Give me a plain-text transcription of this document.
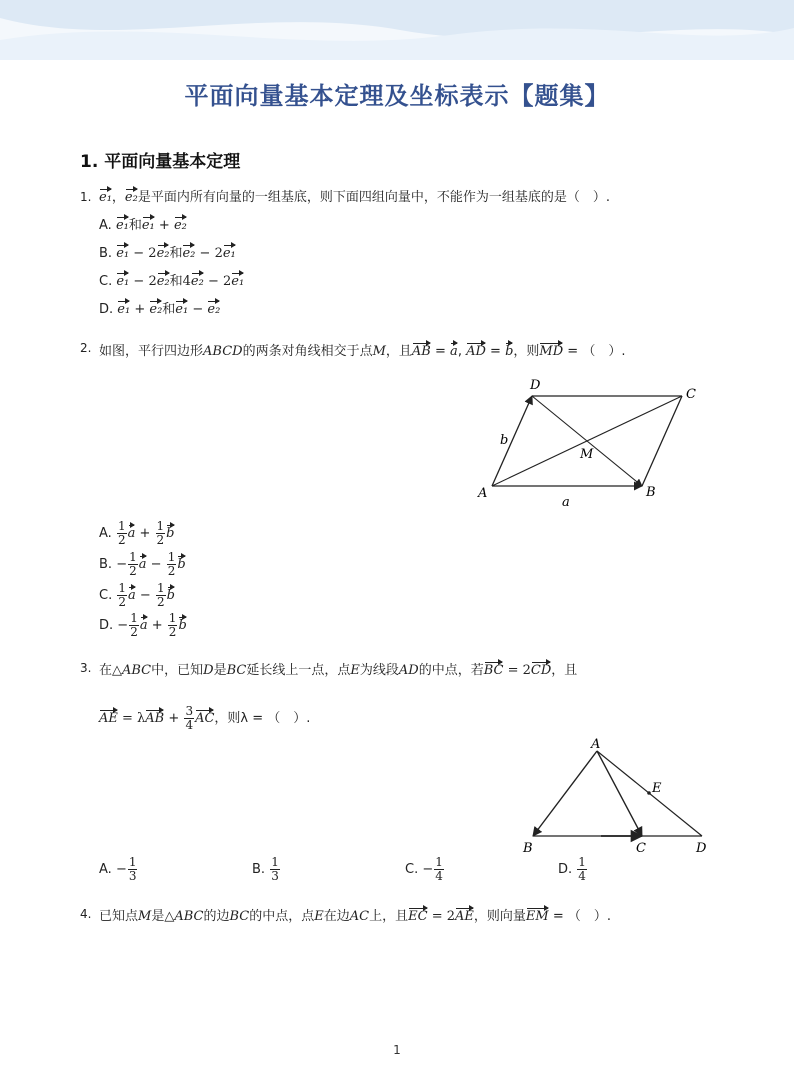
平面向量基本定理及坐标表示【题集】
1. 平面向量基本定理
1. e₁，e₂是平面内所有向量的一组基底，则下面四组向量中，不能作为一组基底的是（　）.
A. e₁和e₁ + e₂
B. e₁ − 2e₂和e₂ − 2e₁
C. e₁ − 2e₂和4e₂ − 2e₁
D. e₁ + e₂和e₁ − e₂
2. 如图，平行四边形ABCD的两条对角线相交于点M，且AB = a, AD = b，则MD = （　）.
A	B
C
D
M
a
b
A. $\frac{1}{2}$ $a + \frac{1}{2}$ b
B. − $\frac{1}{2}$ $a - \frac{1}{2}$ b
C. $\frac{1}{2}$ $a - \frac{1}{2}$ b
D. − $\frac{1}{2}$ $a + \frac{1}{2}$ b
3. 在△ABC中，已知D是BC延长线上一点，点E为线段AD的中点，若BC = 2CD，且
AE = $\lambda AB + \frac{3}{4}$ AC，则λ = （　）.
A
B	C	D
E
A. − $\frac{1}{3}$	B. $\frac{1}{3}$	C. − $\frac{1}{4}$	D. $\frac{1}{4}$
4. 已知点M是△ABC的边BC的中点，点E在边AC上，且EC = 2AE，则向量EM = （　）.
1
